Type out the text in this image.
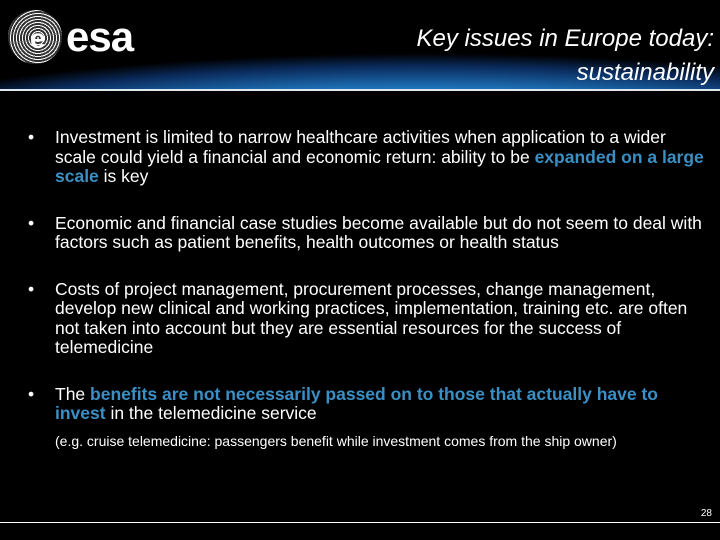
e esa	Key issues in Europe today:
sustainability
•	Investment is limited to narrow healthcare activities when application to a wider scale could yield a financial and economic return: ability to be expanded on a large scale is key
•	Economic and financial case studies become available but do not seem to deal with factors such as patient benefits, health outcomes or health status
•	Costs of project management, procurement processes, change management, develop new clinical and working practices, implementation, training etc. are often not taken into account but they are essential resources for the success of telemedicine
•	The benefits are not necessarily passed on to those that actually have to invest in the telemedicine service
(e.g. cruise telemedicine: passengers benefit while investment comes from the ship owner)
28
